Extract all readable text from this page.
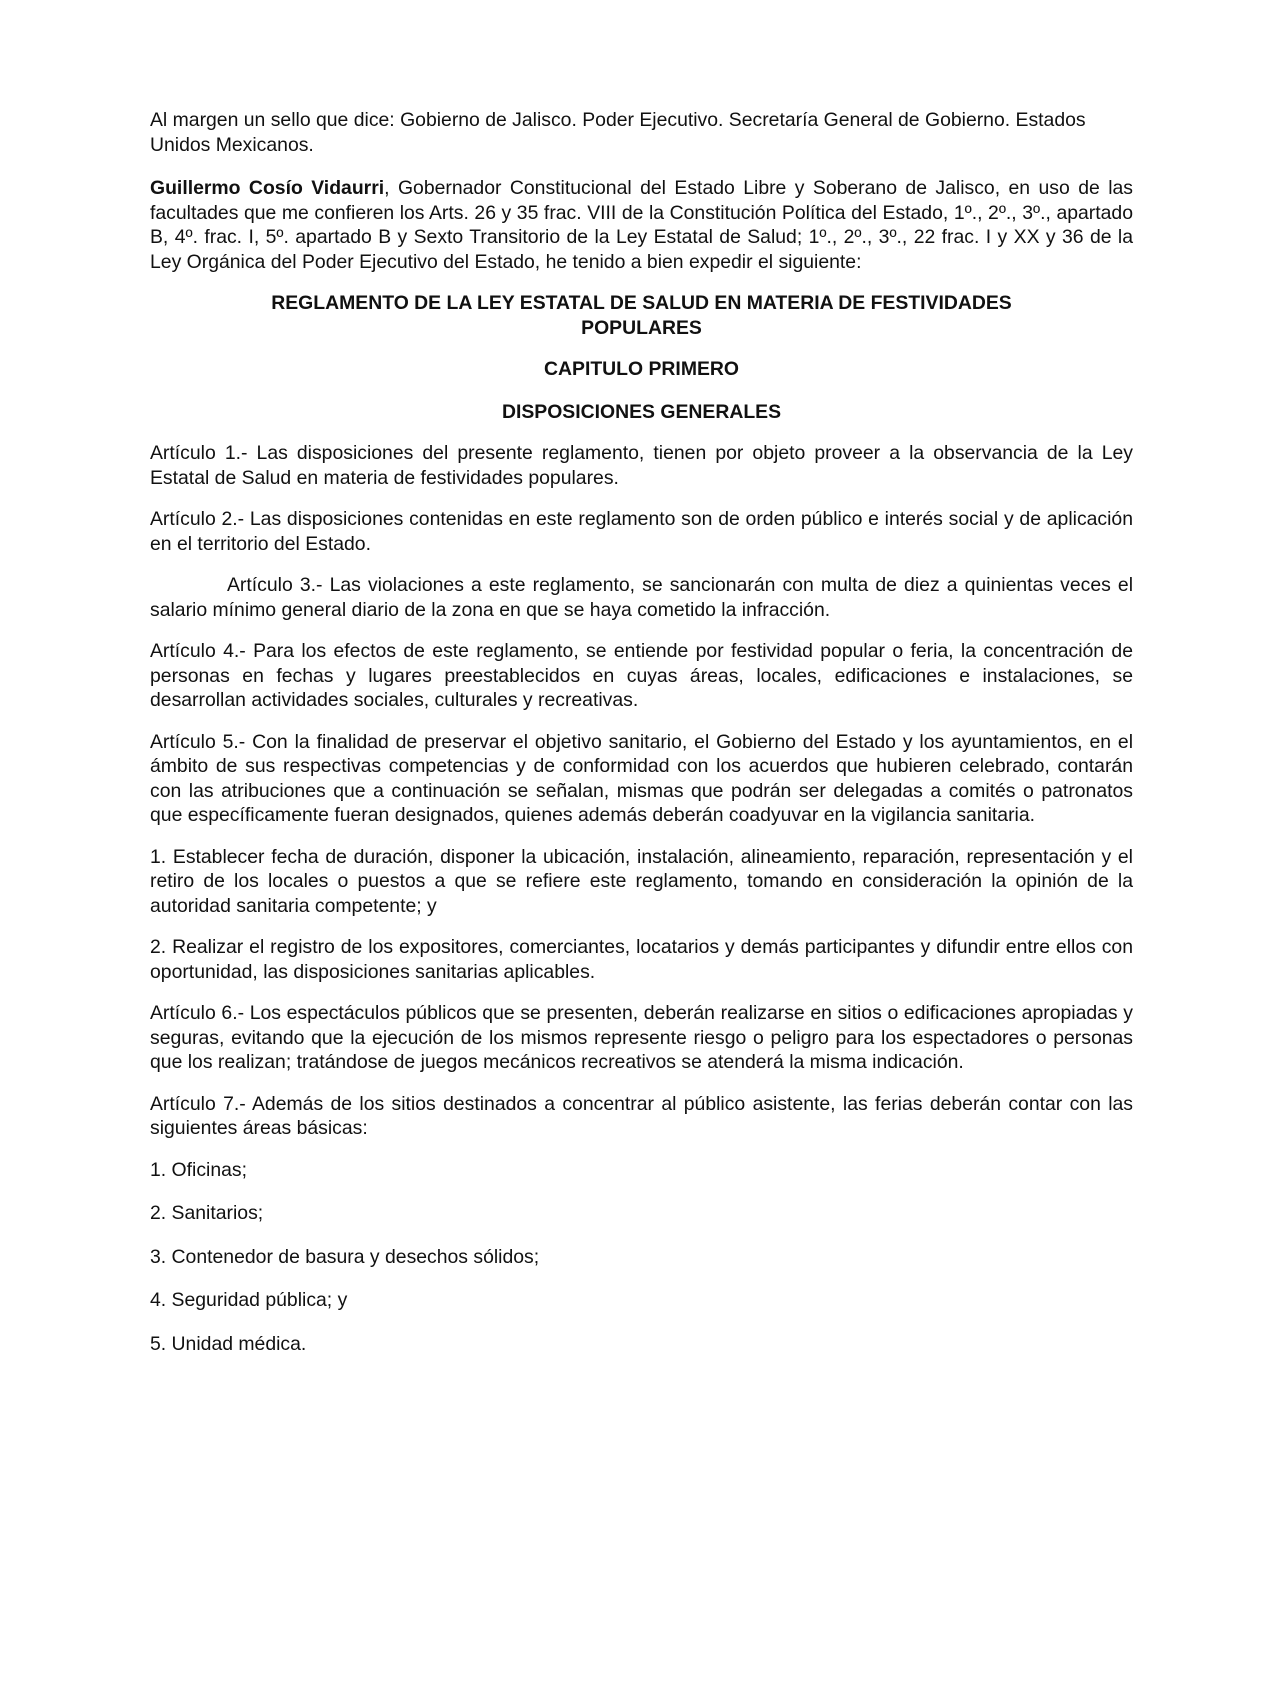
Al margen un sello que dice: Gobierno de Jalisco. Poder Ejecutivo. Secretaría General de Gobierno. Estados Unidos Mexicanos.

Guillermo Cosío Vidaurri, Gobernador Constitucional del Estado Libre y Soberano de Jalisco, en uso de las facultades que me confieren los Arts. 26 y 35 frac. VIII de la Constitución Política del Estado, 1º., 2º., 3º., apartado B, 4º. frac. I, 5º. apartado B y Sexto Transitorio de la Ley Estatal de Salud; 1º., 2º., 3º., 22 frac. I y XX y 36 de la Ley Orgánica del Poder Ejecutivo del Estado, he tenido a bien expedir el siguiente:

REGLAMENTO DE LA LEY ESTATAL DE SALUD EN MATERIA DE FESTIVIDADES POPULARES

CAPITULO PRIMERO

DISPOSICIONES GENERALES

Artículo 1.- Las disposiciones del presente reglamento, tienen por objeto proveer a la observancia de la Ley Estatal de Salud en materia de festividades populares.

Artículo 2.- Las disposiciones contenidas en este reglamento son de orden público e interés social y de aplicación en el territorio del Estado.

Artículo 3.- Las violaciones a este reglamento, se sancionarán con multa de diez a quinientas veces el salario mínimo general diario de la zona en que se haya cometido la infracción.

Artículo 4.- Para los efectos de este reglamento, se entiende por festividad popular o feria, la concentración de personas en fechas y lugares preestablecidos en cuyas áreas, locales, edificaciones e instalaciones, se desarrollan actividades sociales, culturales y recreativas.

Artículo 5.- Con la finalidad de preservar el objetivo sanitario, el Gobierno del Estado y los ayuntamientos, en el ámbito de sus respectivas competencias y de conformidad con los acuerdos que hubieren celebrado, contarán con las atribuciones que a continuación se señalan, mismas que podrán ser delegadas a comités o patronatos que específicamente fueran designados, quienes además deberán coadyuvar en la vigilancia sanitaria.

1. Establecer fecha de duración, disponer la ubicación, instalación, alineamiento, reparación, representación y el retiro de los locales o puestos a que se refiere este reglamento, tomando en consideración la opinión de la autoridad sanitaria competente; y

2. Realizar el registro de los expositores, comerciantes, locatarios y demás participantes y difundir entre ellos con oportunidad, las disposiciones sanitarias aplicables.

Artículo 6.- Los espectáculos públicos que se presenten, deberán realizarse en sitios o edificaciones apropiadas y seguras, evitando que la ejecución de los mismos represente riesgo o peligro para los espectadores o personas que los realizan; tratándose de juegos mecánicos recreativos se atenderá la misma indicación.

Artículo 7.- Además de los sitios destinados a concentrar al público asistente, las ferias deberán contar con las siguientes áreas básicas:

1. Oficinas;

2. Sanitarios;

3. Contenedor de basura y desechos sólidos;

4. Seguridad pública; y

5. Unidad médica.
